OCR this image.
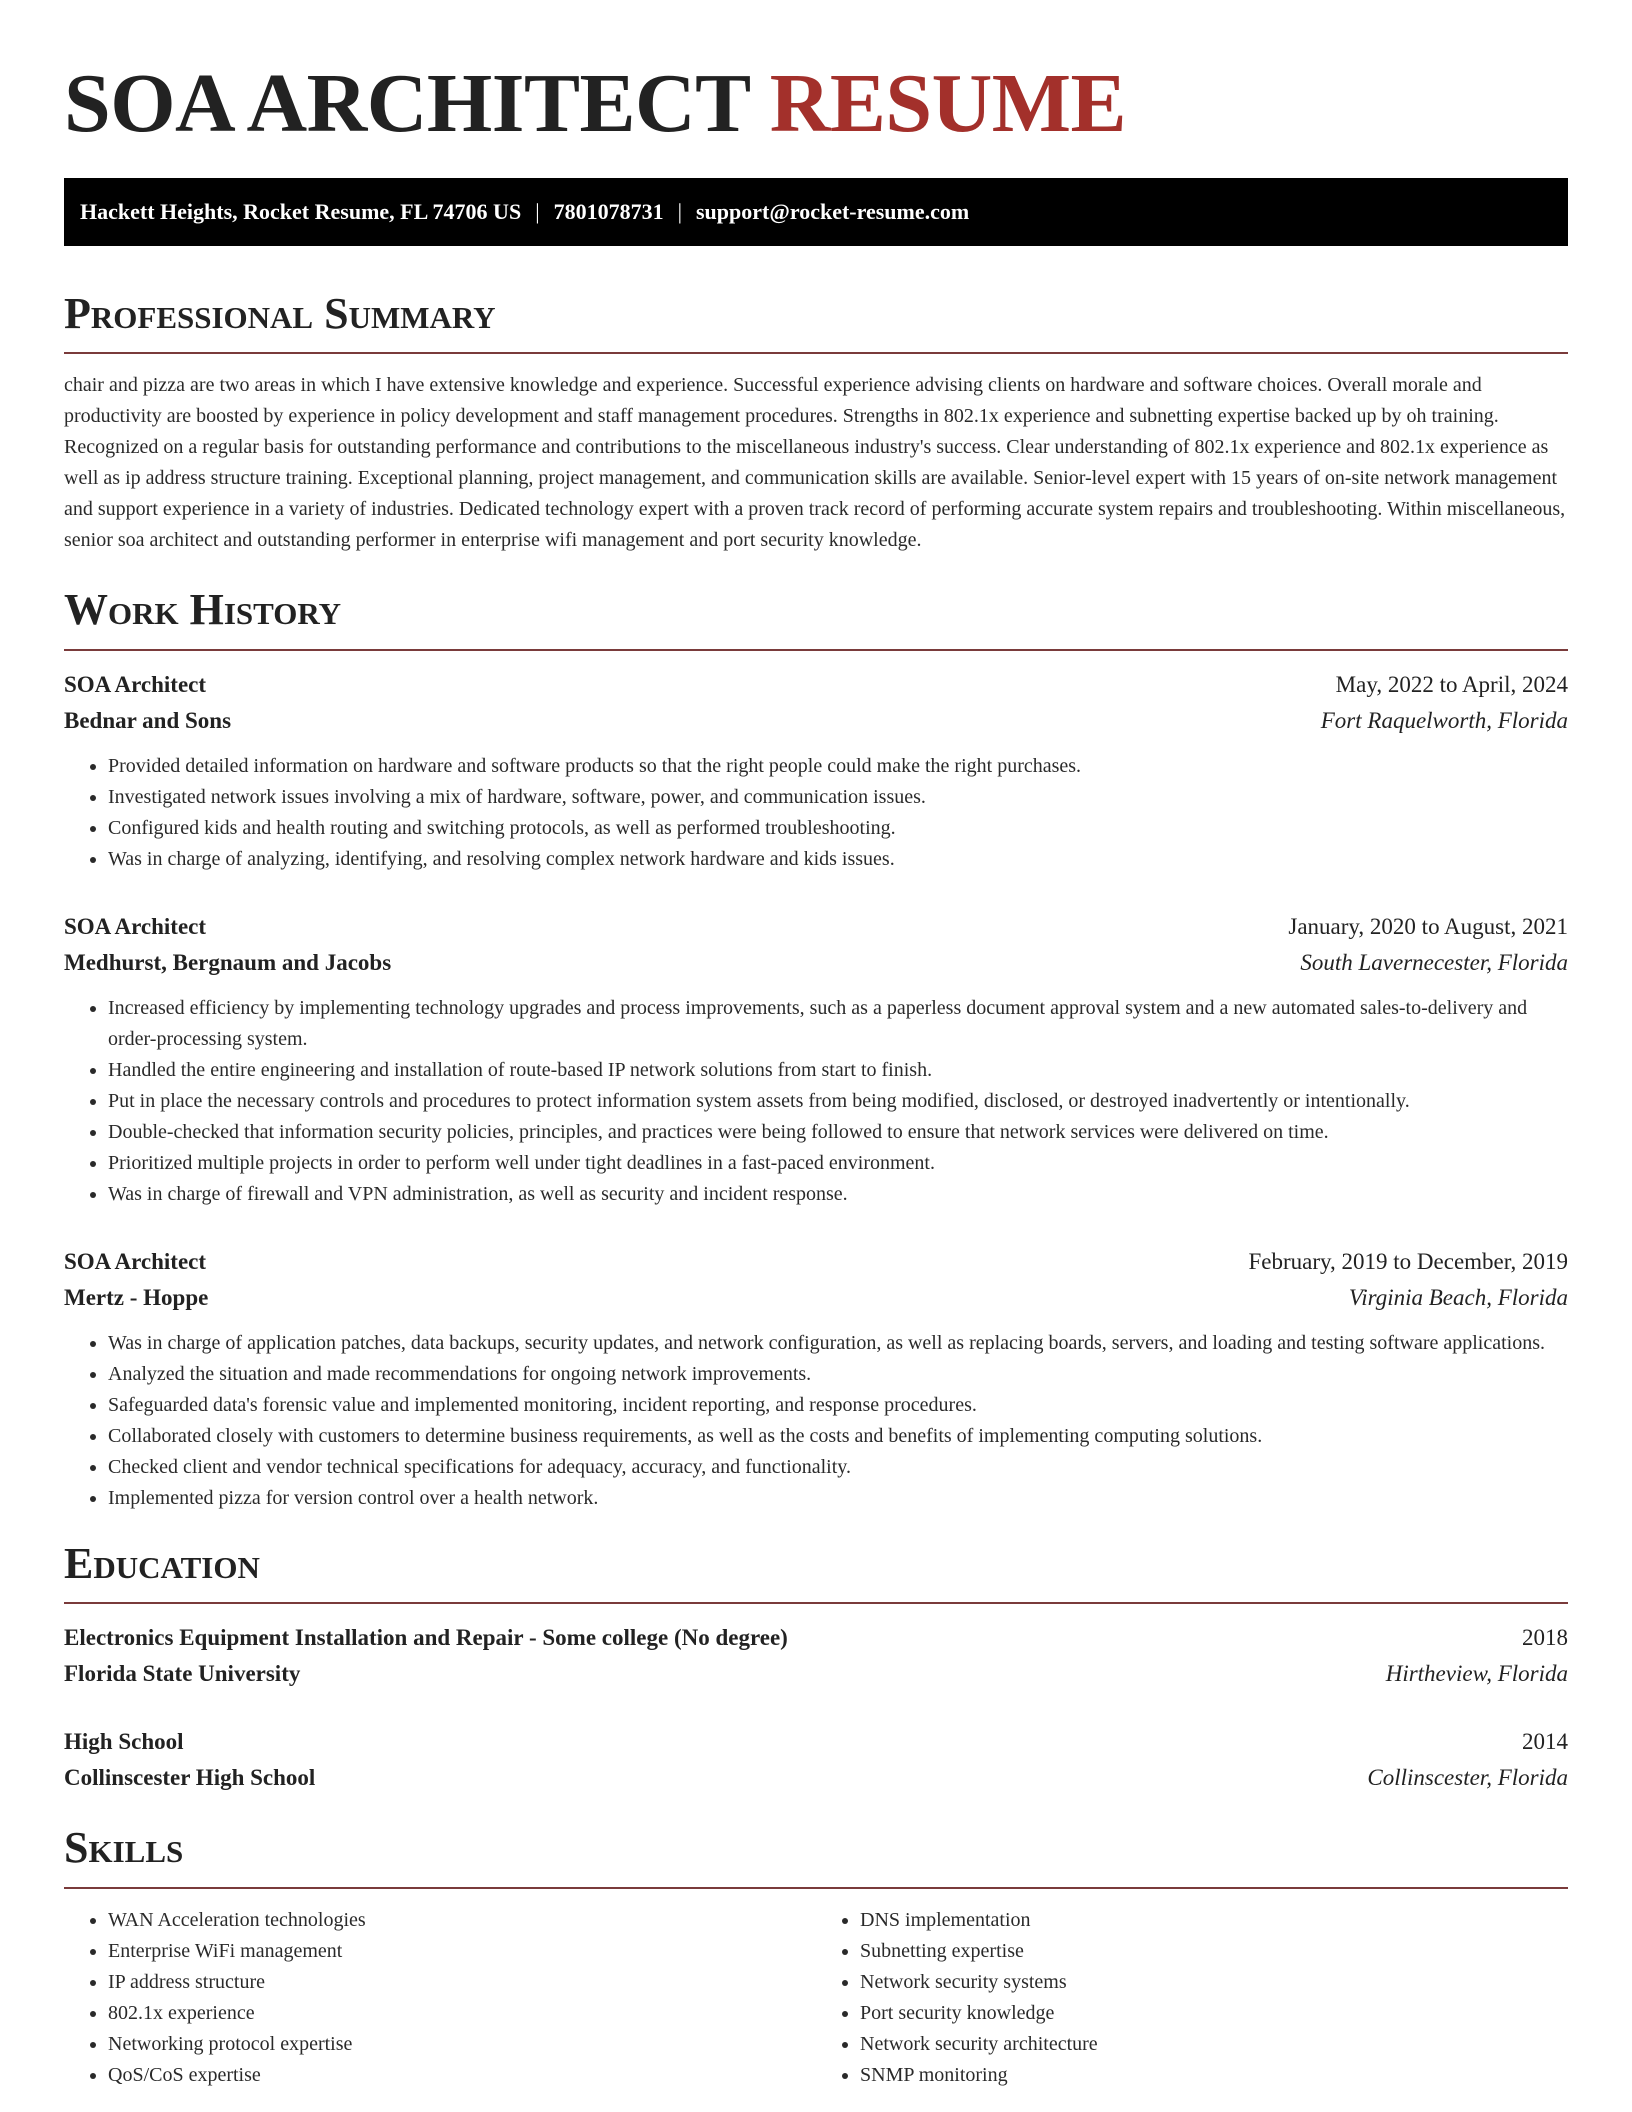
SOA ARCHITECT RESUME
Hackett Heights, Rocket Resume, FL 74706 US | 7801078731 | support@rocket-resume.com
Professional Summary

chair and pizza are two areas in which I have extensive knowledge and experience. Successful experience advising clients on hardware and software choices. Overall morale and productivity are boosted by experience in policy development and staff management procedures. Strengths in 802.1x experience and subnetting expertise backed up by oh training. Recognized on a regular basis for outstanding performance and contributions to the miscellaneous industry's success. Clear understanding of 802.1x experience and 802.1x experience as well as ip address structure training. Exceptional planning, project management, and communication skills are available. Senior-level expert with 15 years of on-site network management and support experience in a variety of industries. Dedicated technology expert with a proven track record of performing accurate system repairs and troubleshooting. Within miscellaneous, senior soa architect and outstanding performer in enterprise wifi management and port security knowledge.

Work History
SOA Architect	May, 2022 to April, 2024
Bednar and Sons	Fort Raquelworth, Florida
• Provided detailed information on hardware and software products so that the right people could make the right purchases.
• Investigated network issues involving a mix of hardware, software, power, and communication issues.
• Configured kids and health routing and switching protocols, as well as performed troubleshooting.
• Was in charge of analyzing, identifying, and resolving complex network hardware and kids issues.
SOA Architect	January, 2020 to August, 2021
Medhurst, Bergnaum and Jacobs	South Lavernecester, Florida
• Increased efficiency by implementing technology upgrades and process improvements, such as a paperless document approval system and a new automated sales-to-delivery and order-processing system.
• Handled the entire engineering and installation of route-based IP network solutions from start to finish.
• Put in place the necessary controls and procedures to protect information system assets from being modified, disclosed, or destroyed inadvertently or intentionally.
• Double-checked that information security policies, principles, and practices were being followed to ensure that network services were delivered on time.
• Prioritized multiple projects in order to perform well under tight deadlines in a fast-paced environment.
• Was in charge of firewall and VPN administration, as well as security and incident response.
SOA Architect	February, 2019 to December, 2019
Mertz - Hoppe	Virginia Beach, Florida
• Was in charge of application patches, data backups, security updates, and network configuration, as well as replacing boards, servers, and loading and testing software applications.
• Analyzed the situation and made recommendations for ongoing network improvements.
• Safeguarded data's forensic value and implemented monitoring, incident reporting, and response procedures.
• Collaborated closely with customers to determine business requirements, as well as the costs and benefits of implementing computing solutions.
• Checked client and vendor technical specifications for adequacy, accuracy, and functionality.
• Implemented pizza for version control over a health network.
Education
Electronics Equipment Installation and Repair - Some college (No degree)	2018
Florida State University	Hirtheview, Florida
High School	2014
Collinscester High School	Collinscester, Florida
Skills
• WAN Acceleration technologies
• Enterprise WiFi management
• IP address structure
• 802.1x experience
• Networking protocol expertise
• QoS/CoS expertise
• DNS implementation
• Subnetting expertise
• Network security systems
• Port security knowledge
• Network security architecture
• SNMP monitoring
